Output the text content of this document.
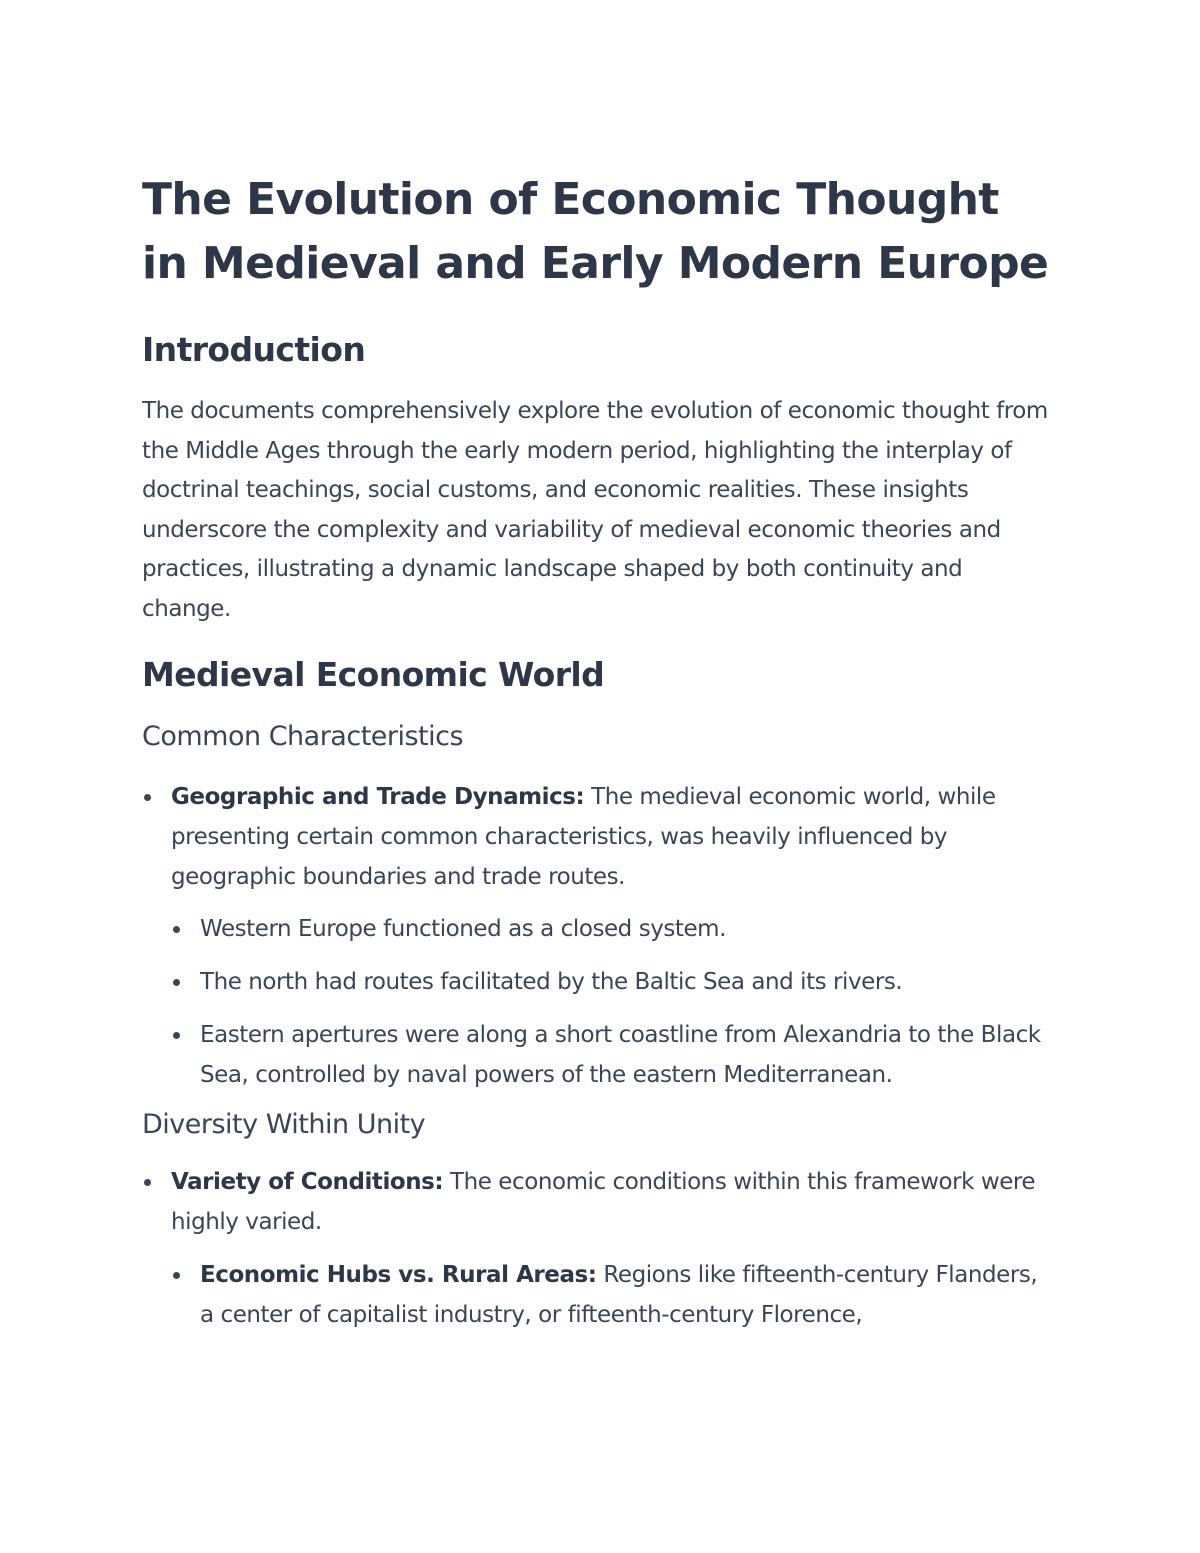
The Evolution of Economic Thought in Medieval and Early Modern Europe
Introduction

The documents comprehensively explore the evolution of economic thought from the Middle Ages through the early modern period, highlighting the interplay of doctrinal teachings, social customs, and economic realities. These insights underscore the complexity and variability of medieval economic theories and practices, illustrating a dynamic landscape shaped by both continuity and change.

Medieval Economic World
Common Characteristics
Geographic and Trade Dynamics: The medieval economic world, while presenting certain common characteristics, was heavily influenced by geographic boundaries and trade routes.
Western Europe functioned as a closed system.
The north had routes facilitated by the Baltic Sea and its rivers.
Eastern apertures were along a short coastline from Alexandria to the Black Sea, controlled by naval powers of the eastern Mediterranean.
Diversity Within Unity
Variety of Conditions: The economic conditions within this framework were highly varied.
Economic Hubs vs. Rural Areas: Regions like fifteenth-century Flanders, a center of capitalist industry, or fifteenth-century Florence,
